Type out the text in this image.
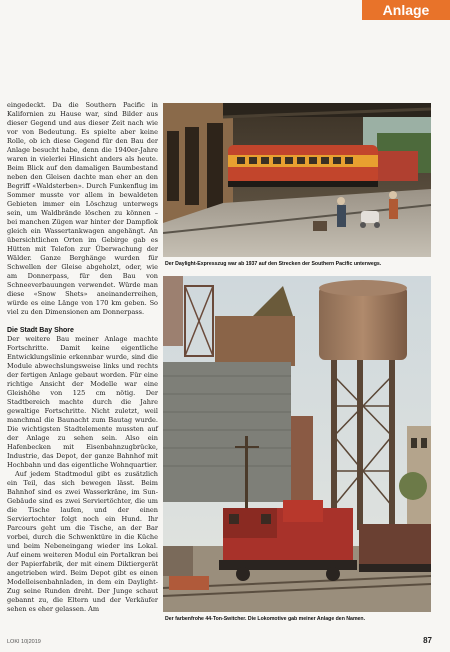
Anlage

eingedeckt. Da die Southern Pacific in Kalifornien zu Hause war, sind Bilder aus dieser Gegend und aus dieser Zeit nach wie vor von Bedeutung. Es spielte aber keine Rolle, ob ich diese Gegend für den Bau der Anlage besucht habe, denn die 1940er-Jahre waren in vielerlei Hinsicht anders als heute. Beim Blick auf den damaligen Baumbestand neben den Gleisen dachte man eher an den Begriff «Waldsterben». Durch Funkenflug im Sommer musste vor allem in bewaldeten Gebieten immer ein Löschzug unterwegs sein, um Waldbrände löschen zu können – bei manchen Zügen war hinter der Dampflok gleich ein Wassertankwagen angehängt. An übersichtlichen Orten im Gebirge gab es Hütten mit Telefon zur Überwachung der Wälder. Ganze Berghänge wurden für Schwellen der Gleise abgeholzt, oder, wie am Donnerpass, für den Bau von Schneeverbauungen verwendet. Würde man diese «Snow Shets» aneinanderreihen, würde es eine Länge von 170 km geben. So viel zu den Dimensionen am Donnerpass.

Die Stadt Bay Shore

Der weitere Bau meiner Anlage machte Fortschritte. Damit keine eigentliche Entwicklungslinie erkennbar wurde, sind die Module abwechslungsweise links und rechts der fertigen Anlage gebaut worden. Für eine richtige Ansicht der Modelle war eine Gleishöhe von 125 cm nötig. Der Stadtbereich machte durch die Jahre gewaltige Fortschritte. Nicht zuletzt, weil manchmal die Baunacht zum Bautag wurde. Die wichtigsten Stadtelemente mussten auf der Anlage zu sehen sein. Also ein Hafenbecken mit Eisenbahnzugbrücke, Industrie, das Depot, der ganze Bahnhof mit Hochbahn und das eigentliche Wohnquartier.

Auf jedem Stadtmodul gibt es zusätzlich ein Teil, das sich bewegen lässt. Beim Bahnhof sind es zwei Wasserkräne, im Sun-Gebäude sind es zwei Serviertöchter, die um die Tische laufen, und der einen Serviertochter folgt noch ein Hund. Ihr Parcours geht um die Tische, an der Bar vorbei, durch die Schwenktüre in die Küche und beim Nebeneingang wieder ins Lokal. Auf einem weiteren Modul ein Portalkran bei der Papierfabrik, der mit einem Diktiergerät angetrieben wird. Beim Depot gibt es einen Modelleisenbahnladen, in dem ein Daylight-Zug seine Runden dreht. Der Junge schaut gebannt zu, die Eltern und der Verkäufer sehen es eher gelassen. Am

Der Daylight-Expresszug war ab 1937 auf den Strecken der Southern Pacific unterwegs.
Der farbenfrohe 44-Ton-Switcher. Die Lokomotive gab meiner Anlage den Namen.
LOKI 10|2019	87
